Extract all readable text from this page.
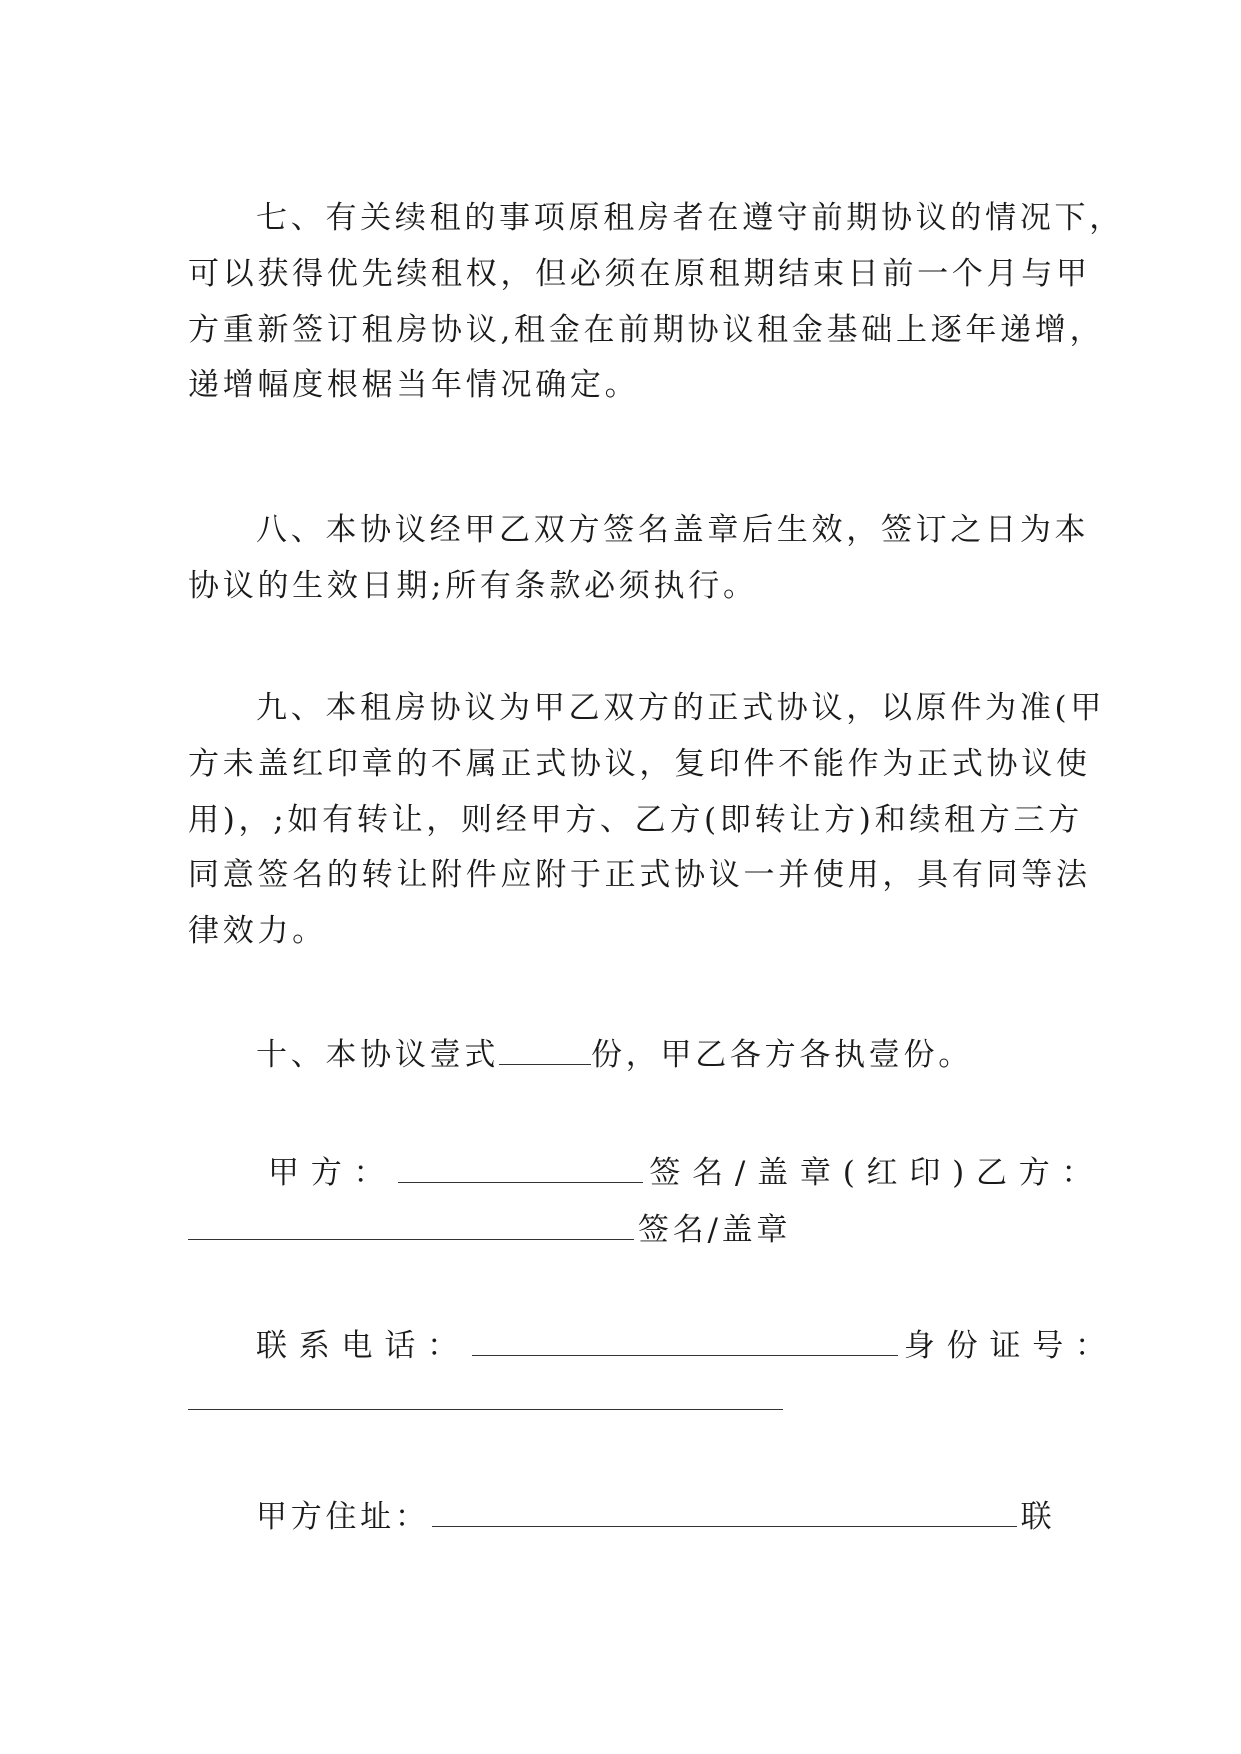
七、有关续租的事项原租房者在遵守前期协议的情况下，
可以获得优先续租权，但必须在原租期结束日前一个月与甲
方重新签订租房协议,租金在前期协议租金基础上逐年递增，
递增幅度根椐当年情况确定。
八、本协议经甲乙双方签名盖章后生效，签订之日为本
协议的生效日期;所有条款必须执行。
九、本租房协议为甲乙双方的正式协议，以原件为准(甲
方未盖红印章的不属正式协议，复印件不能作为正式协议使
用)，;如有转让，则经甲方、乙方(即转让方)和续租方三方
同意签名的转让附件应附于正式协议一并使用，具有同等法
律效力。
十、本协议壹式	份，甲乙各方各执壹份。
甲方：	签名/盖章(红印)乙方：
签名/盖章
联系电话：	身份证号：
甲方住址：	联
